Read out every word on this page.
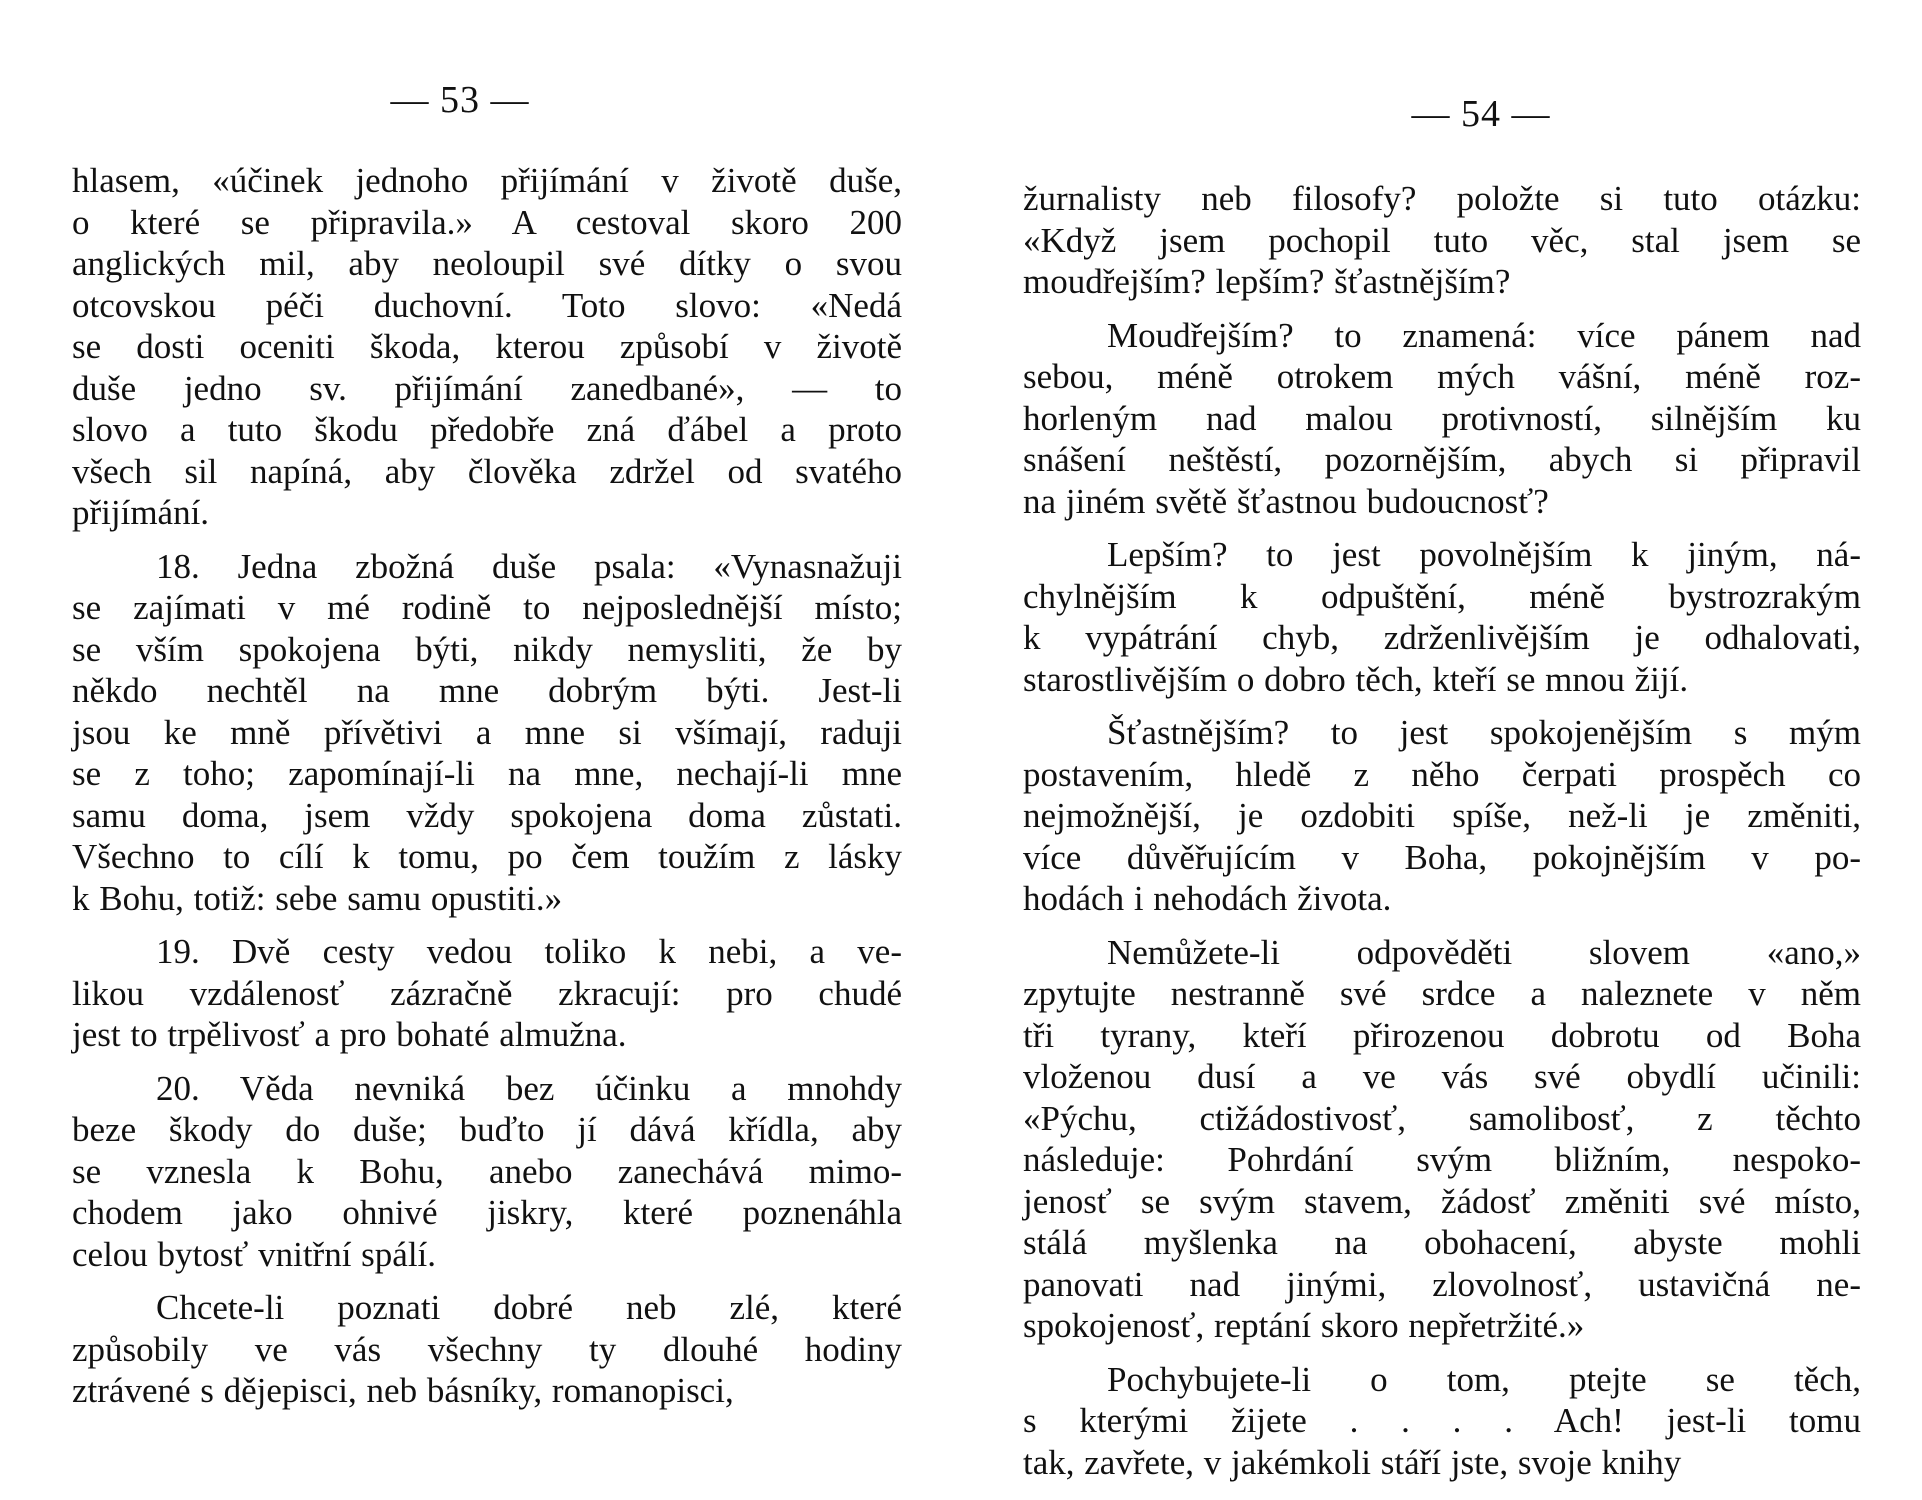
— 53 —
hlasem, «účinek jednoho přijímání v životě duše,
o které se připravila.» A cestoval skoro 200
anglických mil, aby neoloupil své dítky o svou
otcovskou péči duchovní. Toto slovo: «Nedá
se dosti oceniti škoda, kterou způsobí v životě
duše jedno sv. přijímání zanedbané», — to
slovo a tuto škodu předobře zná ďábel a proto
všech sil napíná, aby člověka zdržel od svatého
přijímání.
18. Jedna zbožná duše psala: «Vynasnažuji
se zajímati v mé rodině to nejposlednější místo;
se vším spokojena býti, nikdy nemysliti, že by
někdo nechtěl na mne dobrým býti. Jest-li
jsou ke mně přívětivi a mne si všímají, raduji
se z toho; zapomínají-li na mne, nechají-li mne
samu doma, jsem vždy spokojena doma zůstati.
Všechno to cílí k tomu, po čem toužím z lásky
k Bohu, totiž: sebe samu opustiti.»
19. Dvě cesty vedou toliko k nebi, a ve-
likou vzdálenosť zázračně zkracují: pro chudé
jest to trpělivosť a pro bohaté almužna.
20. Věda nevniká bez účinku a mnohdy
beze škody do duše; buďto jí dává křídla, aby
se vznesla k Bohu, anebo zanechává mimo-
chodem jako ohnivé jiskry, které poznenáhla
celou bytosť vnitřní spálí.
Chcete-li poznati dobré neb zlé, které
způsobily ve vás všechny ty dlouhé hodiny
ztrávené s dějepisci, neb básníky, romanopisci,
— 54 —
žurnalisty neb filosofy? položte si tuto otázku:
«Když jsem pochopil tuto věc, stal jsem se
moudřejším? lepším? šťastnějším?
Moudřejším? to znamená: více pánem nad
sebou, méně otrokem mých vášní, méně roz-
horleným nad malou protivností, silnějším ku
snášení neštěstí, pozornějším, abych si připravil
na jiném světě šťastnou budoucnosť?
Lepším? to jest povolnějším k jiným, ná-
chylnějším k odpuštění, méně bystrozrakým
k vypátrání chyb, zdrženlivějším je odhalovati,
starostlivějším o dobro těch, kteří se mnou žijí.
Šťastnějším? to jest spokojenějším s mým
postavením, hledě z něho čerpati prospěch co
nejmožnější, je ozdobiti spíše, než-li je změniti,
více důvěřujícím v Boha, pokojnějším v po-
hodách i nehodách života.
Nemůžete-li odpověděti slovem «ano,»
zpytujte nestranně své srdce a naleznete v něm
tři tyrany, kteří přirozenou dobrotu od Boha
vloženou dusí a ve vás své obydlí učinili:
«Pýchu, ctižádostivosť, samolibosť, z těchto
následuje: Pohrdání svým bližním, nespoko-
jenosť se svým stavem, žádosť změniti své místo,
stálá myšlenka na obohacení, abyste mohli
panovati nad jinými, zlovolnosť, ustavičná ne-
spokojenosť, reptání skoro nepřetržité.»
Pochybujete-li o tom, ptejte se těch,
s kterými žijete . . . . Ach! jest-li tomu
tak, zavřete, v jakémkoli stáří jste, svoje knihy
